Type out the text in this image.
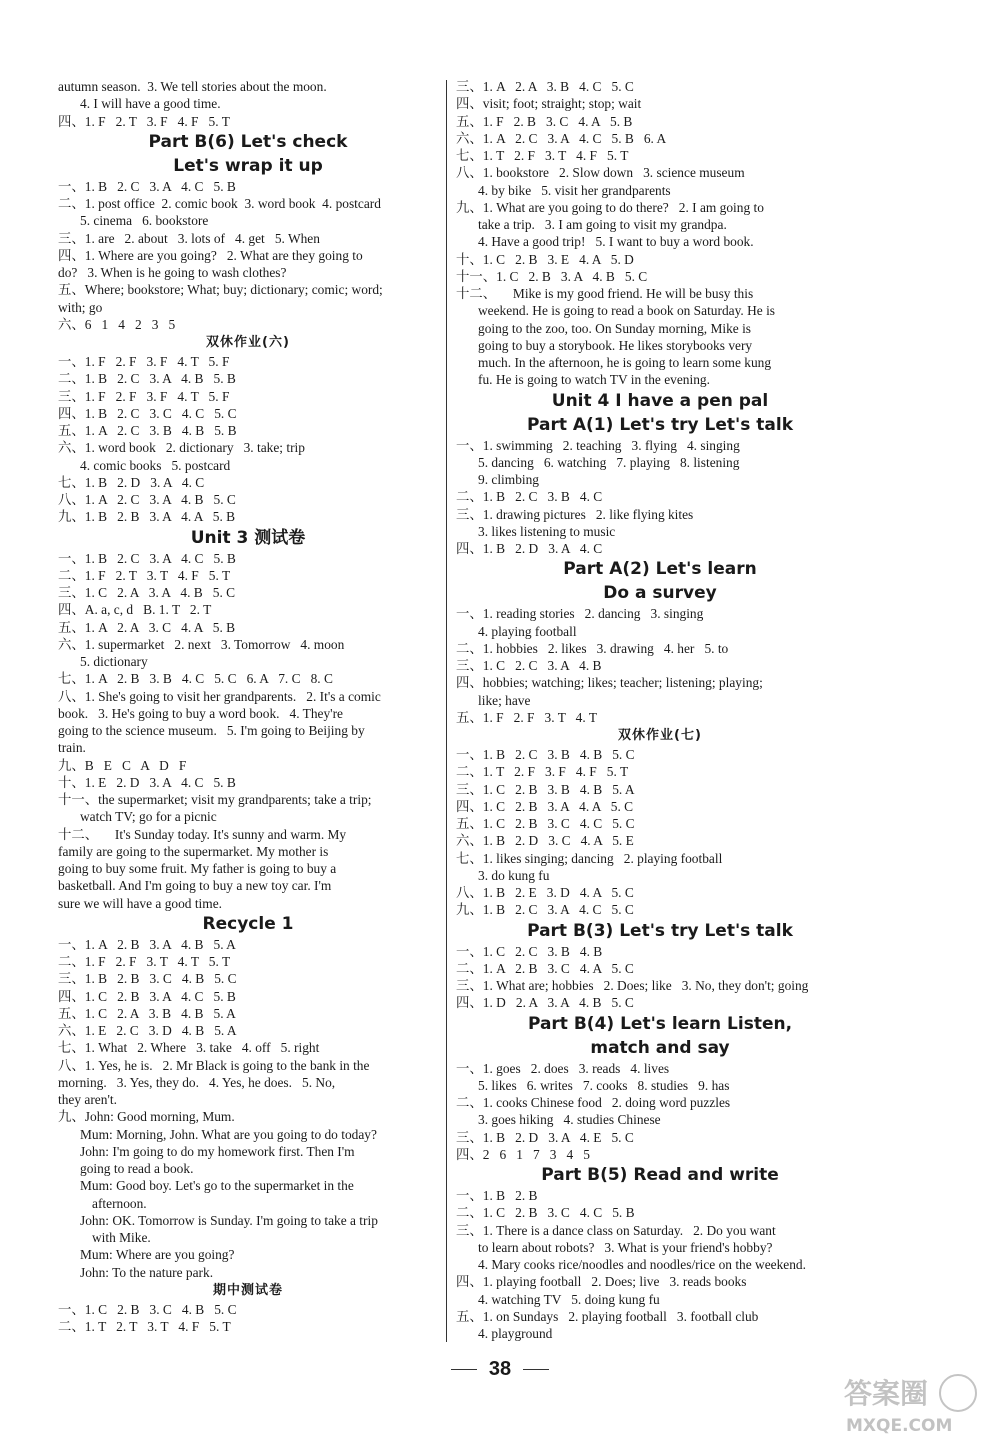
autumn season.  3. We tell stories about the moon.
4. I will have a good time.
四、1. F   2. T   3. F   4. F   5. T
Part B(6) Let's check
Let's wrap it up
一、1. B   2. C   3. A   4. C   5. B
二、1. post office  2. comic book  3. word book  4. postcard
5. cinema   6. bookstore
三、1. are   2. about   3. lots of   4. get   5. When
四、1. Where are you going?   2. What are they going to
do?   3. When is he going to wash clothes?
五、Where; bookstore; What; buy; dictionary; comic; word;
with; go
六、6   1   4   2   3   5
双休作业(六)
一、1. F   2. F   3. F   4. T   5. F
二、1. B   2. C   3. A   4. B   5. B
三、1. F   2. F   3. F   4. T   5. F
四、1. B   2. C   3. C   4. C   5. C
五、1. A   2. C   3. B   4. B   5. B
六、1. word book   2. dictionary   3. take; trip
4. comic books   5. postcard
七、1. B   2. D   3. A   4. C
八、1. A   2. C   3. A   4. B   5. C
九、1. B   2. B   3. A   4. A   5. B
Unit 3 测试卷
一、1. B   2. C   3. A   4. C   5. B
二、1. F   2. T   3. T   4. F   5. T
三、1. C   2. A   3. A   4. B   5. C
四、A. a, c, d   B. 1. T   2. T
五、1. A   2. A   3. C   4. A   5. B
六、1. supermarket   2. next   3. Tomorrow   4. moon
5. dictionary
七、1. A   2. B   3. B   4. C   5. C   6. A   7. C   8. C
八、1. She's going to visit her grandparents.   2. It's a comic
book.   3. He's going to buy a word book.   4. They're
going to the science museum.   5. I'm going to Beijing by
train.
九、B   E   C   A   D   F
十、1. E   2. D   3. A   4. C   5. B
十一、the supermarket; visit my grandparents; take a trip;
watch TV; go for a picnic
十二、     It's Sunday today. It's sunny and warm. My
family are going to the supermarket. My mother is
going to buy some fruit. My father is going to buy a
basketball. And I'm going to buy a new toy car. I'm
sure we will have a good time.
Recycle 1
一、1. A   2. B   3. A   4. B   5. A
二、1. F   2. F   3. T   4. T   5. T
三、1. B   2. B   3. C   4. B   5. C
四、1. C   2. B   3. A   4. C   5. B
五、1. C   2. A   3. B   4. B   5. A
六、1. E   2. C   3. D   4. B   5. A
七、1. What   2. Where   3. take   4. off   5. right
八、1. Yes, he is.   2. Mr Black is going to the bank in the
morning.   3. Yes, they do.   4. Yes, he does.   5. No,
they aren't.
九、John: Good morning, Mum.
Mum: Morning, John. What are you going to do today?
John: I'm going to do my homework first. Then I'm
going to read a book.
Mum: Good boy. Let's go to the supermarket in the
afternoon.
John: OK. Tomorrow is Sunday. I'm going to take a trip
with Mike.
Mum: Where are you going?
John: To the nature park.
期中测试卷
一、1. C   2. B   3. C   4. B   5. C
二、1. T   2. T   3. T   4. F   5. T
三、1. A   2. A   3. B   4. C   5. C
四、visit; foot; straight; stop; wait
五、1. F   2. B   3. C   4. A   5. B
六、1. A   2. C   3. A   4. C   5. B   6. A
七、1. T   2. F   3. T   4. F   5. T
八、1. bookstore   2. Slow down   3. science museum
4. by bike   5. visit her grandparents
九、1. What are you going to do there?   2. I am going to
take a trip.   3. I am going to visit my grandpa.
4. Have a good trip!   5. I want to buy a word book.
十、1. C   2. B   3. E   4. A   5. D
十一、1. C   2. B   3. A   4. B   5. C
十二、     Mike is my good friend. He will be busy this
weekend. He is going to read a book on Saturday. He is
going to the zoo, too. On Sunday morning, Mike is
going to buy a storybook. He likes storybooks very
much. In the afternoon, he is going to learn some kung
fu. He is going to watch TV in the evening.
Unit 4 I have a pen pal
Part A(1) Let's try Let's talk
一、1. swimming   2. teaching   3. flying   4. singing
5. dancing   6. watching   7. playing   8. listening
9. climbing
二、1. B   2. C   3. B   4. C
三、1. drawing pictures   2. like flying kites
3. likes listening to music
四、1. B   2. D   3. A   4. C
Part A(2) Let's learn
Do a survey
一、1. reading stories   2. dancing   3. singing
4. playing football
二、1. hobbies   2. likes   3. drawing   4. her   5. to
三、1. C   2. C   3. A   4. B
四、hobbies; watching; likes; teacher; listening; playing;
like; have
五、1. F   2. F   3. T   4. T
双休作业(七)
一、1. B   2. C   3. B   4. B   5. C
二、1. T   2. F   3. F   4. F   5. T
三、1. C   2. B   3. B   4. B   5. A
四、1. C   2. B   3. A   4. A   5. C
五、1. C   2. B   3. C   4. C   5. C
六、1. B   2. D   3. C   4. A   5. E
七、1. likes singing; dancing   2. playing football
3. do kung fu
八、1. B   2. E   3. D   4. A   5. C
九、1. B   2. C   3. A   4. C   5. C
Part B(3) Let's try Let's talk
一、1. C   2. C   3. B   4. B
二、1. A   2. B   3. C   4. A   5. C
三、1. What are; hobbies   2. Does; like   3. No, they don't; going
四、1. D   2. A   3. A   4. B   5. C
Part B(4) Let's learn Listen,
match and say
一、1. goes   2. does   3. reads   4. lives
5. likes   6. writes   7. cooks   8. studies   9. has
二、1. cooks Chinese food   2. doing word puzzles
3. goes hiking   4. studies Chinese
三、1. B   2. D   3. A   4. E   5. C
四、2   6   1   7   3   4   5
Part B(5) Read and write
一、1. B   2. B
二、1. C   2. B   3. C   4. C   5. B
三、1. There is a dance class on Saturday.   2. Do you want
to learn about robots?   3. What is your friend's hobby?
4. Mary cooks rice/noodles and noodles/rice on the weekend.
四、1. playing football   2. Does; live   3. reads books
4. watching TV   5. doing kung fu
五、1. on Sundays   2. playing football   3. football club
4. playground
38
答案圈
MXQE.COM
